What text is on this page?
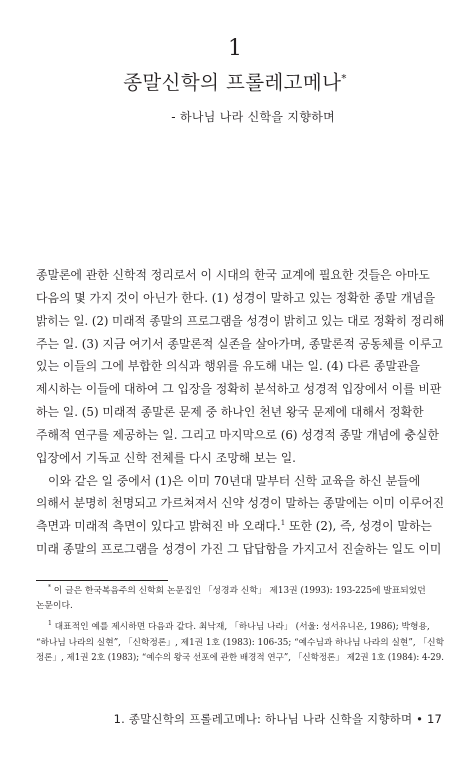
1
종말신학의 프롤레고메나*
- 하나님 나라 신학을 지향하며
종말론에 관한 신학적 정리로서 이 시대의 한국 교계에 필요한 것들은 아마도
다음의 몇 가지 것이 아닌가 한다. (1) 성경이 말하고 있는 정확한 종말 개념을
밝히는 일. (2) 미래적 종말의 프로그램을 성경이 밝히고 있는 대로 정확히 정리해
주는 일. (3) 지금 여기서 종말론적 실존을 살아가며, 종말론적 공동체를 이루고
있는 이들의 그에 부합한 의식과 행위를 유도해 내는 일. (4) 다른 종말관을
제시하는 이들에 대하여 그 입장을 정확히 분석하고 성경적 입장에서 이를 비판
하는 일. (5) 미래적 종말론 문제 중 하나인 천년 왕국 문제에 대해서 정확한
주해적 연구를 제공하는 일. 그리고 마지막으로 (6) 성경적 종말 개념에 충실한
입장에서 기독교 신학 전체를 다시 조망해 보는 일.
이와 같은 일 중에서 (1)은 이미 70년대 말부터 신학 교육을 하신 분들에
의해서 분명히 천명되고 가르쳐져서 신약 성경이 말하는 종말에는 이미 이루어진
측면과 미래적 측면이 있다고 밝혀진 바 오래다.$^1$ 또한 (2), 즉, 성경이 말하는
미래 종말의 프로그램을 성경이 가진 그 답답함을 가지고서 진술하는 일도 이미
* 이 글은 한국복음주의 신학회 논문집인 「성경과 신학」 제13권 (1993): 193-225에 발표되었던
논문이다.
$^1$ 대표적인 예를 제시하면 다음과 같다. 최낙재, 「하나님 나라」 (서울: 성서유니온, 1986); 박형용,
“하나님 나라의 실현”, 「신학정론」, 제1권 1호 (1983): 106-35; “예수님과 하나님 나라의 실현”, 「신학
정론」, 제1권 2호 (1983); “예수의 왕국 선포에 관한 배경적 연구”, 「신학정론」 제2권 1호 (1984): 4-29.
1. 종말신학의 프롤레고메나: 하나님 나라 신학을 지향하며 • 17
